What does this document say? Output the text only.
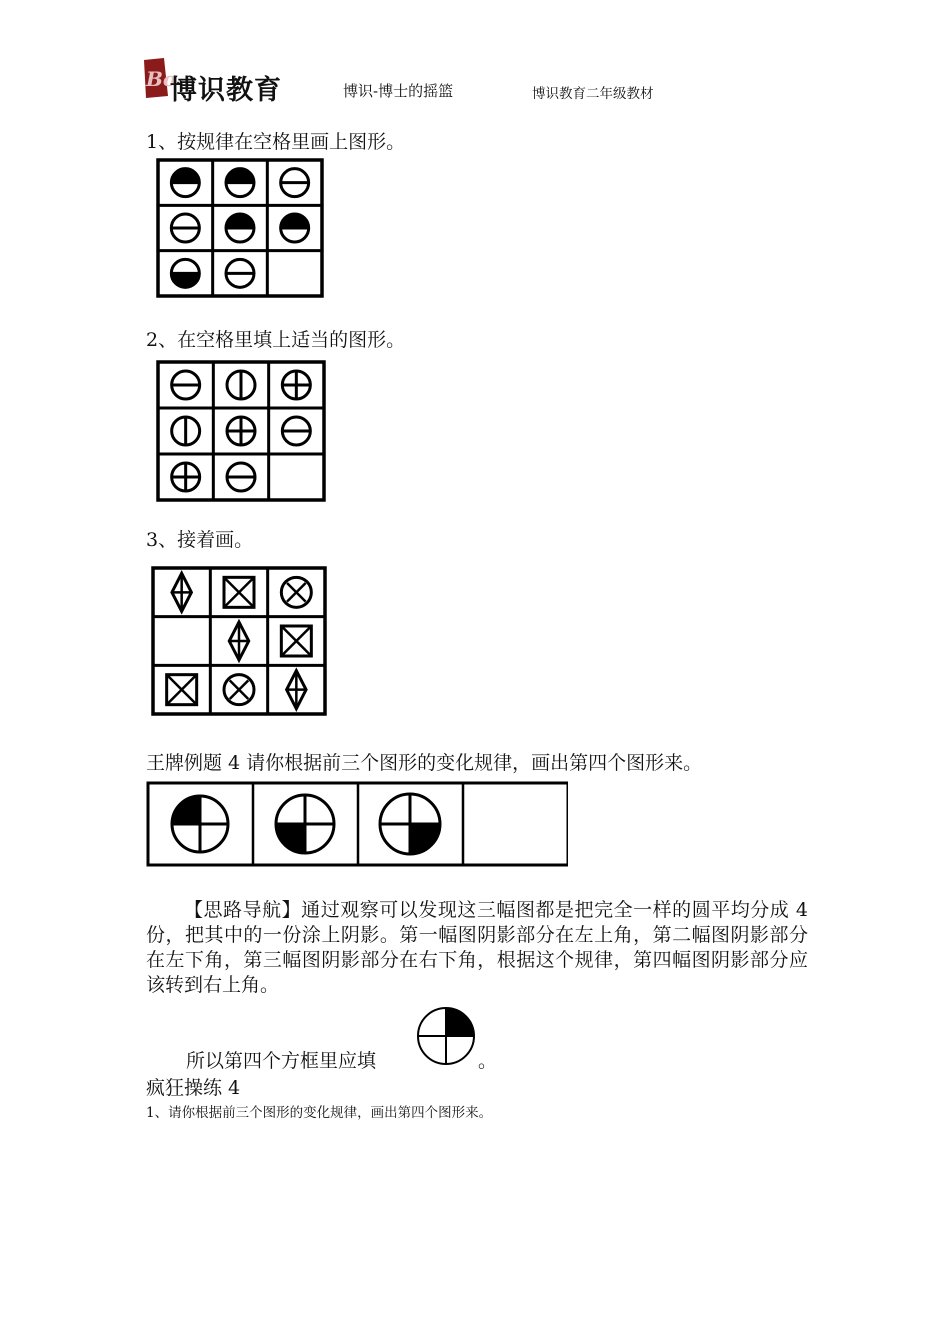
Bo
博识教育	博识-博士的摇篮	博识教育二年级教材
1、按规律在空格里画上图形。
2、在空格里填上适当的图形。
3、接着画。
王牌例题 4 请你根据前三个图形的变化规律，画出第四个图形来。
【思路导航】通过观察可以发现这三幅图都是把完全一样的圆平均分成 4 份，把其中的一份涂上阴影。第一幅图阴影部分在左上角，第二幅图阴影部分在左下角，第三幅图阴影部分在右下角，根据这个规律，第四幅图阴影部分应该转到右上角。
所以第四个方框里应填	。
疯狂操练 4
1、请你根据前三个图形的变化规律，画出第四个图形来。
